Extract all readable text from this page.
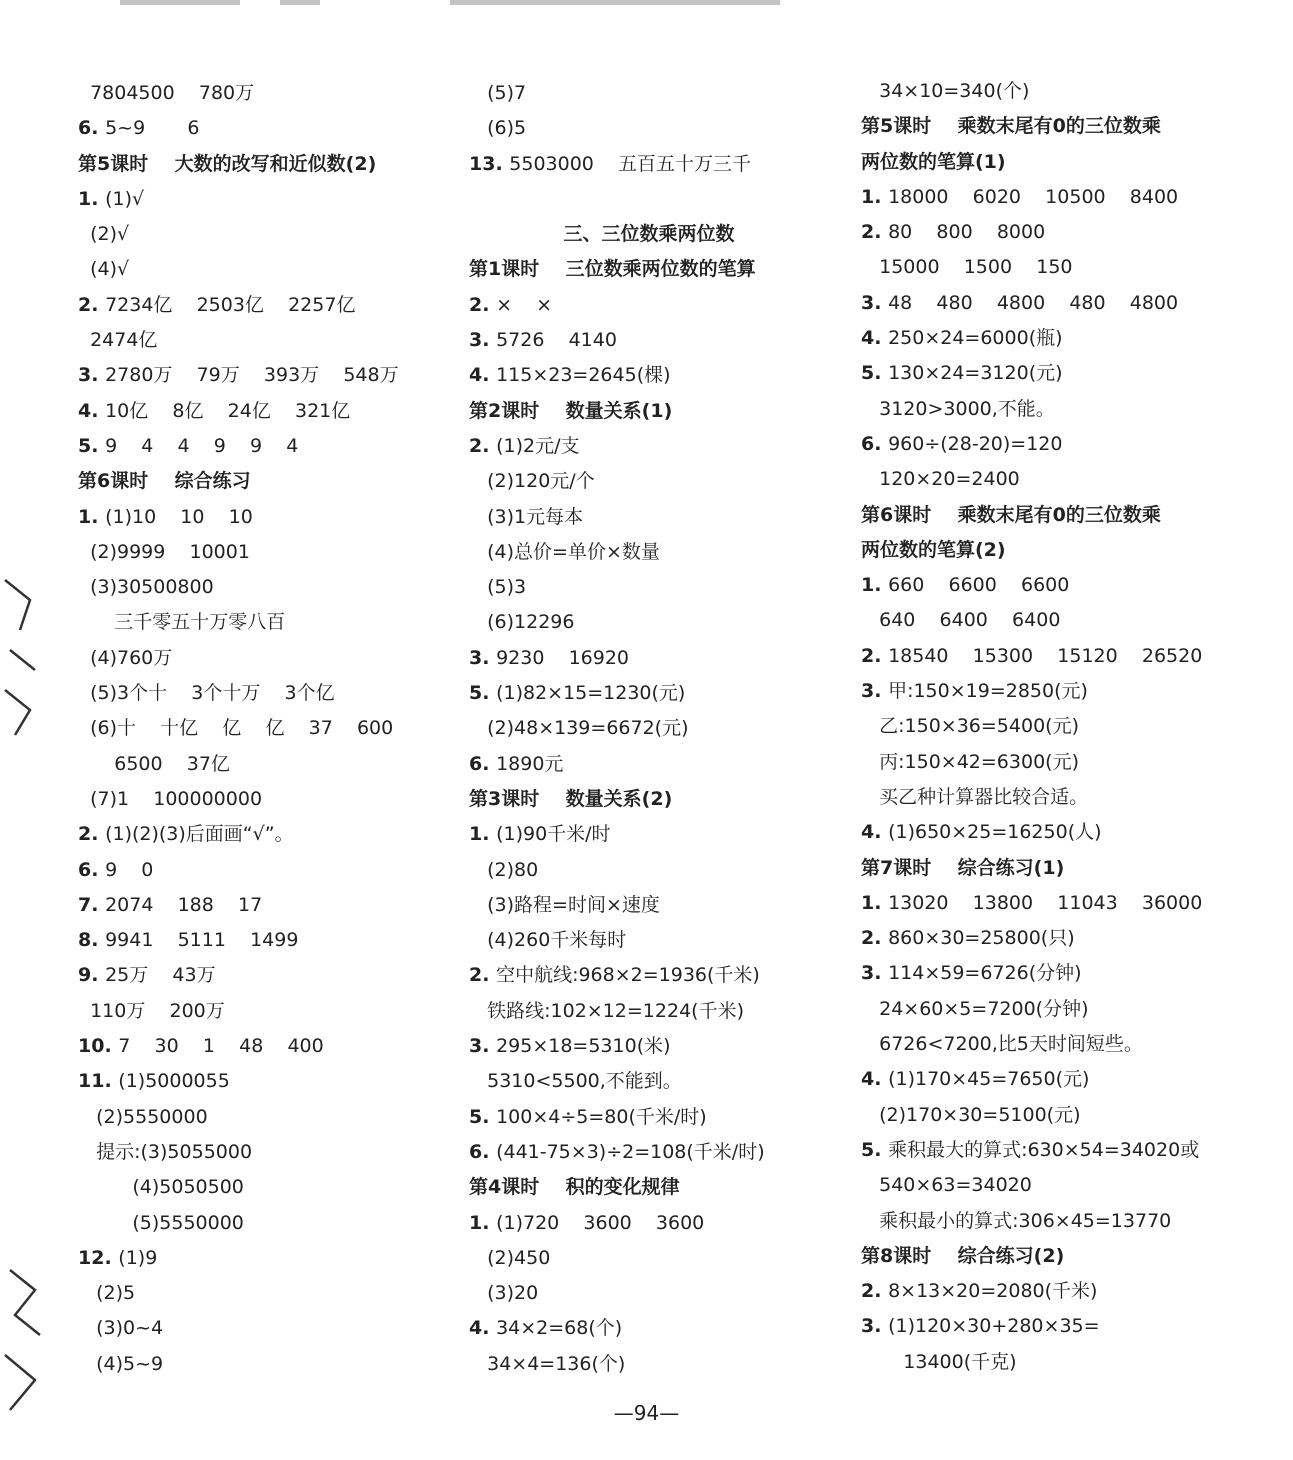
7804500    780万
6. 5~9       6
第5课时    大数的改写和近似数(2)
1. (1)√
(2)√
(4)√
2. 7234亿    2503亿    2257亿
2474亿
3. 2780万    79万    393万    548万
4. 10亿    8亿    24亿    321亿
5. 9    4    4    9    9    4
第6课时    综合练习
1. (1)10    10    10
(2)9999    10001
(3)30500800
三千零五十万零八百
(4)760万
(5)3个十    3个十万    3个亿
(6)十    十亿    亿    亿    37    600
6500    37亿
(7)1    100000000
2. (1)(2)(3)后面画“√”。
6. 9    0
7. 2074    188    17
8. 9941    5111    1499
9. 25万    43万
110万    200万
10. 7    30    1    48    400
11. (1)5000055
(2)5550000
提示:(3)5055000
(4)5050500
(5)5550000
12. (1)9
(2)5
(3)0~4
(4)5~9
(5)7
(6)5
13. 5503000    五百五十万三千
三、三位数乘两位数
第1课时    三位数乘两位数的笔算
2. ×    ×
3. 5726    4140
4. 115×23=2645(棵)
第2课时    数量关系(1)
2. (1)2元/支
(2)120元/个
(3)1元每本
(4)总价=单价×数量
(5)3
(6)12296
3. 9230    16920
5. (1)82×15=1230(元)
(2)48×139=6672(元)
6. 1890元
第3课时    数量关系(2)
1. (1)90千米/时
(2)80
(3)路程=时间×速度
(4)260千米每时
2. 空中航线:968×2=1936(千米)
铁路线:102×12=1224(千米)
3. 295×18=5310(米)
5310<5500,不能到。
5. 100×4÷5=80(千米/时)
6. (441-75×3)÷2=108(千米/时)
第4课时    积的变化规律
1. (1)720    3600    3600
(2)450
(3)20
4. 34×2=68(个)
34×4=136(个)
34×10=340(个)
第5课时    乘数末尾有0的三位数乘
两位数的笔算(1)
1. 18000    6020    10500    8400
2. 80    800    8000
15000    1500    150
3. 48    480    4800    480    4800
4. 250×24=6000(瓶)
5. 130×24=3120(元)
3120>3000,不能。
6. 960÷(28-20)=120
120×20=2400
第6课时    乘数末尾有0的三位数乘
两位数的笔算(2)
1. 660    6600    6600
640    6400    6400
2. 18540    15300    15120    26520
3. 甲:150×19=2850(元)
乙:150×36=5400(元)
丙:150×42=6300(元)
买乙种计算器比较合适。
4. (1)650×25=16250(人)
第7课时    综合练习(1)
1. 13020    13800    11043    36000
2. 860×30=25800(只)
3. 114×59=6726(分钟)
24×60×5=7200(分钟)
6726<7200,比5天时间短些。
4. (1)170×45=7650(元)
(2)170×30=5100(元)
5. 乘积最大的算式:630×54=34020或
540×63=34020
乘积最小的算式:306×45=13770
第8课时    综合练习(2)
2. 8×13×20=2080(千米)
3. (1)120×30+280×35=
13400(千克)
—94—
